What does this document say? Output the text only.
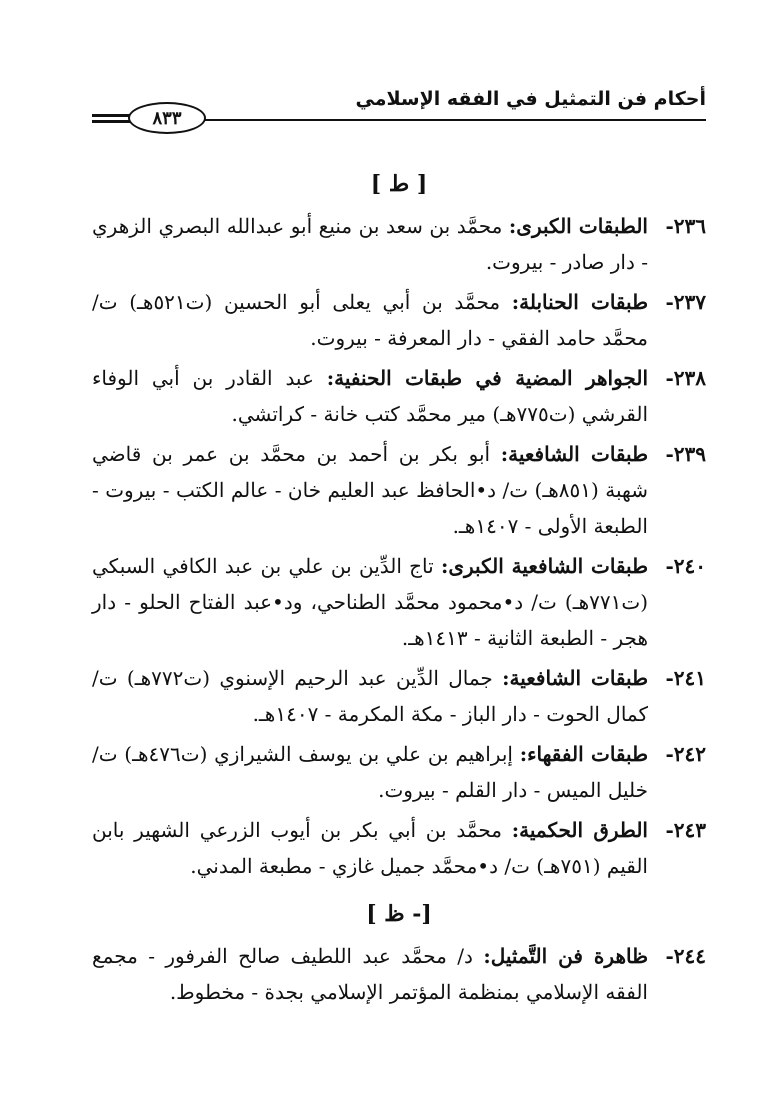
أحكام فن التمثيل في الفقه الإسلامي
٨٣٣
[ ط ]
٢٣٦-
الطبقات الكبرى: محمَّد بن سعد بن منيع أبو عبدالله البصري الزهري - دار صادر - بيروت.
٢٣٧-
طبقات الحنابلة: محمَّد بن أبي يعلى أبو الحسين (ت٥٢١هـ) ت/ محمَّد حامد الفقي - دار المعرفة - بيروت.
٢٣٨-
الجواهر المضية في طبقات الحنفية: عبد القادر بن أبي الوفاء القرشي (ت٧٧٥هـ) مير محمَّد كتب خانة - كراتشي.
٢٣٩-
طبقات الشافعية: أبو بكر بن أحمد بن محمَّد بن عمر بن قاضي شهبة (٨٥١هـ) ت/ د•الحافظ عبد العليم خان - عالم الكتب - بيروت - الطبعة الأولى - ١٤٠٧هـ.
٢٤٠-
طبقات الشافعية الكبرى: تاج الدِّين بن علي بن عبد الكافي السبكي (ت٧٧١هـ) ت/ د•محمود محمَّد الطناحي، ود•عبد الفتاح الحلو - دار هجر - الطبعة الثانية - ١٤١٣هـ.
٢٤١-
طبقات الشافعية: جمال الدِّين عبد الرحيم الإسنوي (ت٧٧٢هـ) ت/ كمال الحوت - دار الباز - مكة المكرمة - ١٤٠٧هـ.
٢٤٢-
طبقات الفقهاء: إبراهيم بن علي بن يوسف الشيرازي (ت٤٧٦هـ) ت/خليل الميس - دار القلم - بيروت.
٢٤٣-
الطرق الحكمية: محمَّد بن أبي بكر بن أيوب الزرعي الشهير بابن القيم (٧٥١هـ) ت/ د•محمَّد جميل غازي - مطبعة المدني.
[- ظ ]
٢٤٤-
ظاهرة فن التَّمثيل: د/ محمَّد عبد اللطيف صالح الفرفور - مجمع الفقه الإسلامي بمنظمة المؤتمر الإسلامي بجدة - مخطوط.
